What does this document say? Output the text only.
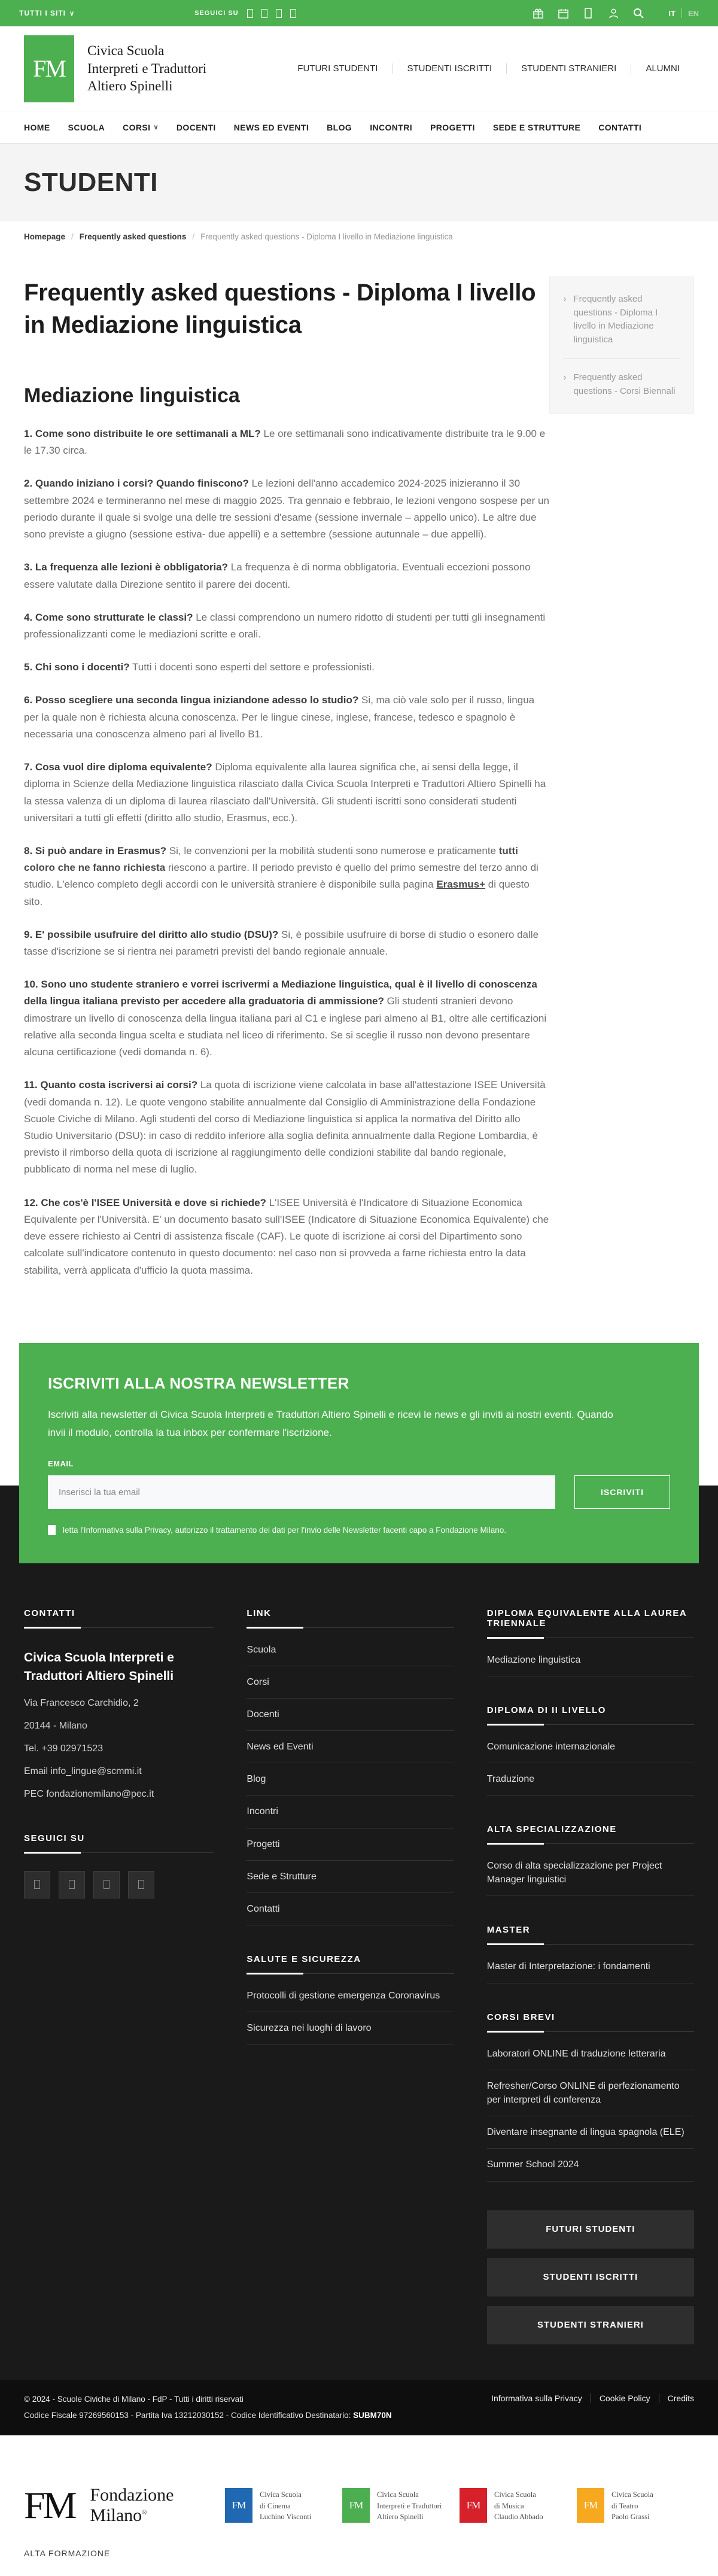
TUTTI I SITI ∨	SEGUICI SU	IT EN
FM
Civica Scuola
Interpreti e Traduttori
Altiero Spinelli
FUTURI STUDENTI	STUDENTI ISCRITTI	STUDENTI STRANIERI	ALUMNI
HOME SCUOLA CORSI ∨ DOCENTI NEWS ED EVENTI BLOG INCONTRI PROGETTI SEDE E STRUTTURE CONTATTI
STUDENTI
Homepage / Frequently asked questions / Frequently asked questions - Diploma I livello in Mediazione linguistica
Frequently asked questions - Diploma I livello in Mediazione linguistica
Mediazione linguistica

1. Come sono distribuite le ore settimanali a ML? Le ore settimanali sono indicativamente distribuite tra le 9.00 e le 17.30 circa.

2. Quando iniziano i corsi? Quando finiscono? Le lezioni dell'anno accademico 2024-2025 inizieranno il 30 settembre 2024 e termineranno nel mese di maggio 2025. Tra gennaio e febbraio, le lezioni vengono sospese per un periodo durante il quale si svolge una delle tre sessioni d'esame (sessione invernale – appello unico). Le altre due sono previste a giugno (sessione estiva- due appelli) e a settembre (sessione autunnale – due appelli).

3. La frequenza alle lezioni è obbligatoria? La frequenza è di norma obbligatoria. Eventuali eccezioni possono essere valutate dalla Direzione sentito il parere dei docenti.

4. Come sono strutturate le classi? Le classi comprendono un numero ridotto di studenti per tutti gli insegnamenti professionalizzanti come le mediazioni scritte e orali.

5. Chi sono i docenti? Tutti i docenti sono esperti del settore e professionisti.

6. Posso scegliere una seconda lingua iniziandone adesso lo studio? Si, ma ciò vale solo per il russo, lingua per la quale non è richiesta alcuna conoscenza. Per le lingue cinese, inglese, francese, tedesco e spagnolo è necessaria una conoscenza almeno pari al livello B1.

7. Cosa vuol dire diploma equivalente? Diploma equivalente alla laurea significa che, ai sensi della legge, il diploma in Scienze della Mediazione linguistica rilasciato dalla Civica Scuola Interpreti e Traduttori Altiero Spinelli ha la stessa valenza di un diploma di laurea rilasciato dall'Università. Gli studenti iscritti sono considerati studenti universitari a tutti gli effetti (diritto allo studio, Erasmus, ecc.).

8. Si può andare in Erasmus? Si, le convenzioni per la mobilità studenti sono numerose e praticamente tutti coloro che ne fanno richiesta riescono a partire. Il periodo previsto è quello del primo semestre del terzo anno di studio. L'elenco completo degli accordi con le università straniere è disponibile sulla pagina Erasmus+ di questo sito.

9. E' possibile usufruire del diritto allo studio (DSU)? Si, è possibile usufruire di borse di studio o esonero dalle tasse d'iscrizione se si rientra nei parametri previsti del bando regionale annuale.

10. Sono uno studente straniero e vorrei iscrivermi a Mediazione linguistica, qual è il livello di conoscenza della lingua italiana previsto per accedere alla graduatoria di ammissione? Gli studenti stranieri devono dimostrare un livello di conoscenza della lingua italiana pari al C1 e inglese pari almeno al B1, oltre alle certificazioni relative alla seconda lingua scelta e studiata nel liceo di riferimento. Se si sceglie il russo non devono presentare alcuna certificazione (vedi domanda n. 6).

11. Quanto costa iscriversi ai corsi? La quota di iscrizione viene calcolata in base all'attestazione ISEE Università (vedi domanda n. 12). Le quote vengono stabilite annualmente dal Consiglio di Amministrazione della Fondazione Scuole Civiche di Milano. Agli studenti del corso di Mediazione linguistica si applica la normativa del Diritto allo Studio Universitario (DSU): in caso di reddito inferiore alla soglia definita annualmente dalla Regione Lombardia, è previsto il rimborso della quota di iscrizione al raggiungimento delle condizioni stabilite dal bando regionale, pubblicato di norma nel mese di luglio.

12. Che cos'è l'ISEE Università e dove si richiede? L'ISEE Università è l'Indicatore di Situazione Economica Equivalente per l'Università. E' un documento basato sull'ISEE (Indicatore di Situazione Economica Equivalente) che deve essere richiesto ai Centri di assistenza fiscale (CAF). Le quote di iscrizione ai corsi del Dipartimento sono calcolate sull'indicatore contenuto in questo documento: nel caso non si provveda a farne richiesta entro la data stabilita, verrà applicata d'ufficio la quota massima.

› Frequently asked questions - Diploma I livello in Mediazione linguistica
› Frequently asked questions - Corsi Biennali
ISCRIVITI ALLA NOSTRA NEWSLETTER
Iscriviti alla newsletter di Civica Scuola Interpreti e Traduttori Altiero Spinelli e ricevi le news e gli inviti ai nostri eventi. Quando invii il modulo, controlla la tua inbox per confermare l'iscrizione.
EMAIL
Inserisci la tua email
ISCRIVITI
letta l'Informativa sulla Privacy, autorizzo il trattamento dei dati per l'invio delle Newsletter facenti capo a Fondazione Milano.
CONTATTI
Civica Scuola Interpreti e Traduttori Altiero Spinelli
Via Francesco Carchidio, 2
20144 - Milano
Tel. +39 02971523
Email info_lingue@scmmi.it
PEC fondazionemilano@pec.it
SEGUICI SU
LINK
Scuola
Corsi
Docenti
News ed Eventi
Blog
Incontri
Progetti
Sede e Strutture
Contatti
SALUTE E SICUREZZA
Protocolli di gestione emergenza Coronavirus
Sicurezza nei luoghi di lavoro
DIPLOMA EQUIVALENTE ALLA LAUREA TRIENNALE
Mediazione linguistica
DIPLOMA DI II LIVELLO
Comunicazione internazionale
Traduzione
ALTA SPECIALIZZAZIONE
Corso di alta specializzazione per Project Manager linguistici
MASTER
Master di Interpretazione: i fondamenti
CORSI BREVI
Laboratori ONLINE di traduzione letteraria
Refresher/Corso ONLINE di perfezionamento per interpreti di conferenza
Diventare insegnante di lingua spagnola (ELE)
Summer School 2024
FUTURI STUDENTI
STUDENTI ISCRITTI
STUDENTI STRANIERI
© 2024 - Scuole Civiche di Milano - FdP - Tutti i diritti riservati
Codice Fiscale 97269560153 - Partita Iva 13212030152 - Codice Identificativo Destinatario: SUBM70N
Informativa sulla Privacy Cookie Policy Credits
FM Fondazione Milano®
ALTA FORMAZIONE
FM
Civica Scuola
di Cinema
Luchino Visconti
FM
Civica Scuola
Interpreti e Traduttori
Altiero Spinelli
FM
Civica Scuola
di Musica
Claudio Abbado
FM
Civica Scuola
di Teatro
Paolo Grassi
